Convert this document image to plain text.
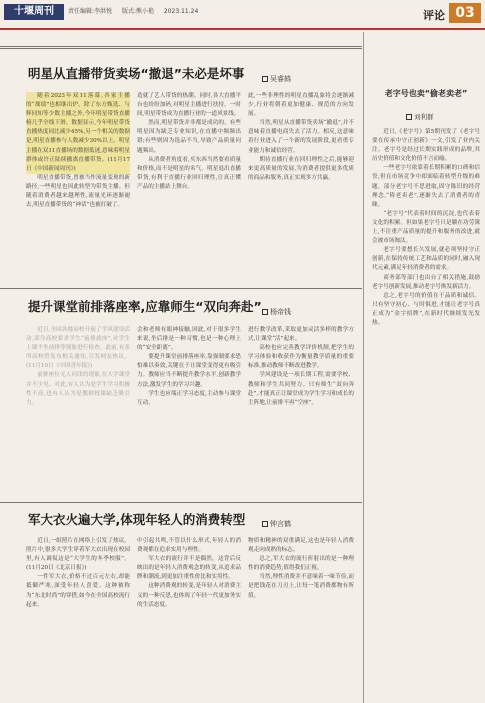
十堰周刊	责任编辑:李洪悦 版式:熊小艳 2023.11.24	评论 03
明星从直播带货卖场“撤退”未必是坏事	吴睿鸫

随着2023年双11落幕,各家主播的“战绩”也相继出炉。除了东方甄选、与辉同知等少数主播之外,今年明星带货直播榜几乎全线下滑。数据显示,今年明星带货直播热度同比减少45%,另一个相关的数据是,明星直播参与人数减少30%以上。明星主播在双11直播场的数据低迷,意味着明星群体或许正陆续撤离直播带货。(11月17日《中国新闻周刊》)

明星直播带货,曾被当作流量变现的新路径,一些明星也因此转型为带货主播。但随着消费者越来越理性,流量光环逐渐褪去,明星直播带货的“神话”也被打破了。

造就了艺人带货的热潮。同时,各大直播平台也纷纷加码,对明星主播进行扶持。一时间,明星带货成为直播行业的一道风景线。

然而,明星带货并非都是成功的。有些明星因为缺乏专业知识,在直播中频频出错;有些则因为选品不当,导致产品质量问题频出。

从消费者角度看,买东西当然要看质量和价格,而不是明星的名气。明星退出直播带货,有利于直播行业回归理性,让真正懂产品的主播站上舞台。

此,一些非理性的明星直播乱象将会逐渐减少,行业将朝着更加健康、规范的方向发展。

当然,明星从直播带货卖场“撤退”,并不意味着直播电商失去了活力。相反,这意味着行业进入了一个新的发展阶段,更看重专业能力和诚信经营。

期待直播行业在回归理性之后,能够迎来更高质量的发展,为消费者提供更多优质的商品和服务,真正实现多方共赢。

提升课堂前排落座率,应靠师生“双向奔赴”	杨帝钱

近日,全国各地高校开展了学风建设活动,部分高校要求学生“前排就座”,对学生上课不坐前排等现象进行检查。此前,有多所高校曾发布相关通知,引发网友热议。(11月19日《中国青年报》)

前排座位无人问津的现象,在大学课堂并不少见。对此,有人认为是学生学习积极性不高,也有人认为是教师授课缺乏吸引力。

会和老师有眼神接触,因此,对于很多学生来说,坐后排是一种习惯,也是一种心理上的“安全距离”。

要提升课堂前排落座率,靠强制要求恐怕难以奏效,关键在于让课堂变得更有吸引力。教师应当不断提升教学水平,创新教学方法,激发学生的学习兴趣。

学生也应端正学习态度,主动参与课堂互动。

进行教学改革,采取更加灵活多样的教学方式,让课堂“活”起来。

高校也应完善教学评价机制,把学生的学习体验和收获作为衡量教学质量的重要标准,推动教师不断改进教学。

学风建设是一项长期工程,需要学校、教师和学生共同努力。只有师生“双向奔赴”,才能真正让课堂成为学生学习和成长的主阵地,让前排不再“空座”。

军大衣火遍大学,体现年轻人的消费转型	钟言鹤

近日,一组照片在网络上引发了热议。照片中,很多大学生穿着军大衣出现在校园里,有人调侃这是“大学生的冬季校服”。(11月20日《北京日报》)

一件军大衣,价格不过百元左右,却能抵御严寒,深受年轻人喜爱。这种被称为“东北时尚”的穿搭,如今在全国高校流行起来。

中引起共鸣,不管以什么形式,年轻人的消费观都在追求实用与理性。

军大衣的流行并不是偶然。这背后反映出的是年轻人消费观念的转变,从追求品牌和潮流,到更加注重性价比和实用性。

这种消费观的转变,是年轻人对消费主义的一种反思,也体现了年轻一代更加务实的生活态度。

物质和精神的双重满足,这也是年轻人消费观走向成熟的标志。

总之,军大衣的流行折射出的是一种理性的消费趋势,值得我们正视。

当然,理性消费并不意味着一味节俭,而是把钱花在刀刃上,让每一笔消费都物有所值。

老字号也卖“偷老卖老”
刘利群

近日,《老字号》第5期刊发了《老字号要在传承中守正创新》一文,引发了业内关注。老字号是经过长期实践形成的品牌,其历史价值和文化价值不言而喻。

一些老字号依靠着长期积累的口碑和信誉,但在市场竞争中却面临着转型升级的难题。部分老字号不思进取,固守陈旧的经营理念,“倚老卖老”,逐渐失去了消费者的青睐。

“老字号”代表着时间的沉淀,也代表着文化的积累。但如果老字号只是躺在功劳簿上,不注重产品质量的提升和服务的改进,就会被市场淘汰。

老字号要想长久发展,就必须坚持守正创新,在保持传统工艺和品质的同时,融入现代元素,满足年轻消费者的需求。

商务部等部门也出台了相关措施,鼓励老字号创新发展,推动老字号焕发新活力。

总之,老字号的价值在于品质和诚信。只有坚守初心、与时俱进,才能让老字号真正成为“金字招牌”,在新时代继续发光发热。
